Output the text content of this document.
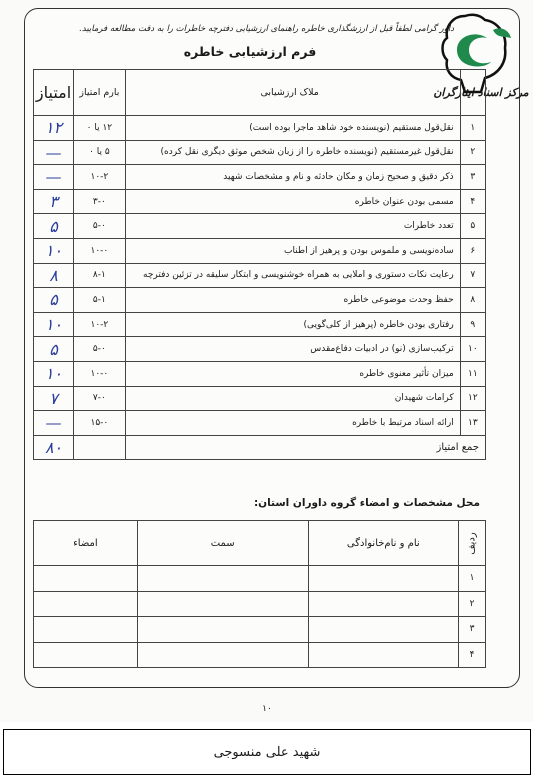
مرکز اسناد ایثارگران
داور گرامی لطفاً قبل از ارزشگذاری خاطره راهنمای ارزشیابی دفترچه خاطرات را به دقت مطالعه فرمایید.
فرم ارزشیابی خاطره
امتیاز	بارم امتیاز	ملاک ارزشیابی	
۱۲	۱۲ یا ۰	نقل‌قول مستقیم (نویسنده خود شاهد ماجرا بوده است)	۱
—	۵ یا ۰	نقل‌قول غیرمستقیم (نویسنده خاطره را از زبان شخص موثق دیگری نقل کرده)	۲
—	۱۰-۲	ذکر دقیق و صحیح زمان و مکان حادثه و نام و مشخصات شهید	۳
۳	۳-۰	مسمی بودن عنوان خاطره	۴
۵	۵-۰	تعدد خاطرات	۵
۱۰	۱۰-۰	ساده‌نویسی و ملموس بودن و پرهیز از اطناب	۶
۸	۸-۱	رعایت نکات دستوری و املایی به همراه خوشنویسی و ابتکار سلیقه در تزئین دفترچه	۷
۵	۵-۱	حفظ وحدت موضوعی خاطره	۸
۱۰	۱۰-۲	رفتاری بودن خاطره (پرهیز از کلی‌گویی)	۹
۵	۵-۰	ترکیب‌سازی (نو) در ادبیات دفاع‌مقدس	۱۰
۱۰	۱۰-۰	میزان تأثیر معنوی خاطره	۱۱
۷	۷-۰	کرامات شهیدان	۱۲
—	۱۵-۰	ارائه اسناد مرتبط با خاطره	۱۳
۸۰		جمع امتیاز	
محل مشخصات و امضاء گروه داوران استان:
امضاء	سمت	نام و نام‌خانوادگی	ردیف
			۱
			۲
			۳
			۴
۱۰
شهید علی منسوجی
